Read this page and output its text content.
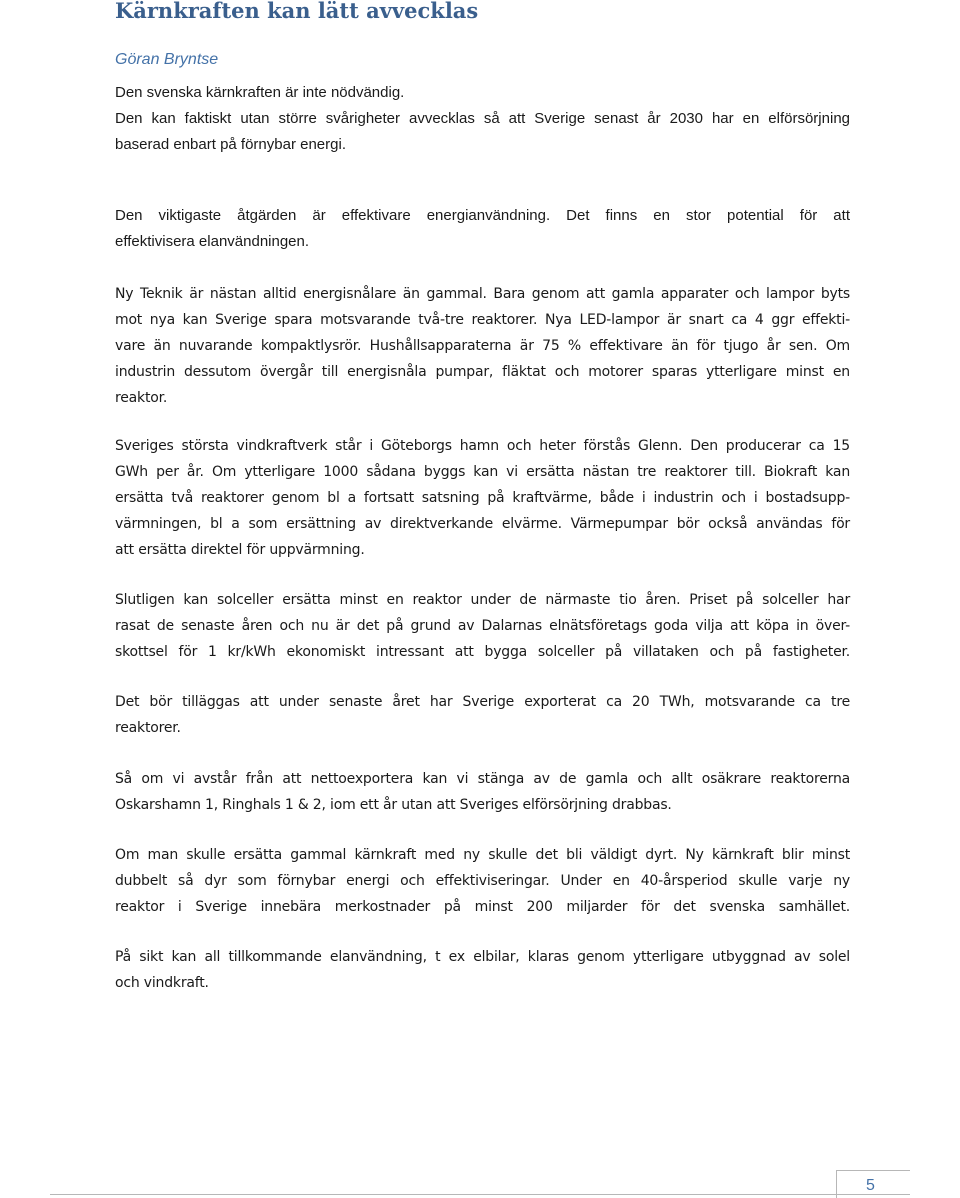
Kärnkraften kan lätt avvecklas

Göran Bryntse

Den svenska kärnkraften är inte nödvändig.
Den kan faktiskt utan större svårigheter avvecklas så att Sverige senast år 2030 har en elförsörjning
baserad enbart på förnybar energi.

Den viktigaste åtgärden är effektivare energianvändning. Det finns en stor potential för att
effektivisera elanvändningen.

Ny Teknik är nästan alltid energisnålare än gammal. Bara genom att gamla apparater och lampor byts
mot nya kan Sverige spara motsvarande två-tre reaktorer. Nya LED-lampor är snart ca 4 ggr effekti-
vare än nuvarande kompaktlysrör. Hushållsapparaterna är 75 % effektivare än för tjugo år sen. Om
industrin dessutom övergår till energisnåla pumpar, fläktat och motorer sparas ytterligare minst en
reaktor.

Sveriges största vindkraftverk står i Göteborgs hamn och heter förstås Glenn. Den producerar ca 15
GWh per år. Om ytterligare 1000 sådana byggs kan vi ersätta nästan tre reaktorer till. Biokraft kan
ersätta två reaktorer genom bl a fortsatt satsning på kraftvärme, både i industrin och i bostadsupp-
värmningen, bl a som ersättning av direktverkande elvärme. Värmepumpar bör också användas för
att ersätta direktel för uppvärmning.

Slutligen kan solceller ersätta minst en reaktor under de närmaste tio åren. Priset på solceller har
rasat de senaste åren och nu är det på grund av Dalarnas elnätsföretags goda vilja att köpa in över-
skottsel för 1 kr/kWh ekonomiskt intressant att bygga solceller på villataken och på fastigheter.

Det bör tilläggas att under senaste året har Sverige exporterat ca 20 TWh, motsvarande ca tre
reaktorer.

Så om vi avstår från att nettoexportera kan vi stänga av de gamla och allt osäkrare reaktorerna
Oskarshamn 1, Ringhals 1 & 2, iom ett år utan att Sveriges elförsörjning drabbas.

Om man skulle ersätta gammal kärnkraft med ny skulle det bli väldigt dyrt. Ny kärnkraft blir minst
dubbelt så dyr som förnybar energi och effektiviseringar. Under en 40-årsperiod skulle varje ny
reaktor i Sverige innebära merkostnader på minst 200 miljarder för det svenska samhället.

På sikt kan all tillkommande elanvändning, t ex elbilar, klaras genom ytterligare utbyggnad av solel
och vindkraft.

5
